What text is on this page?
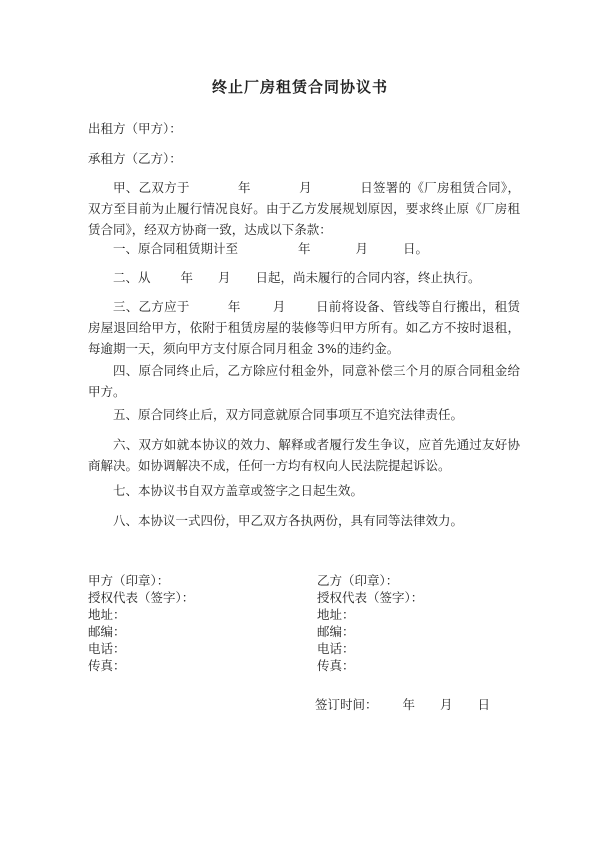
终止厂房租赁合同协议书
出租方（甲方）：
承租方（乙方）：
甲、乙双方于	年	月	日签署的《厂房租赁合同》，双方至目前为止履行情况良好。由于乙方发展规划原因，要求终止原《厂房租赁合同》，经双方协商一致，达成以下条款：
一、原合同租赁期计至	年	月	日。
二、从 年 月 日起，尚未履行的合同内容，终止执行。
三、乙方应于	年	月 日前将设备、管线等自行搬出，租赁房屋退回给甲方，依附于租赁房屋的装修等归甲方所有。如乙方不按时退租，每逾期一天，须向甲方支付原合同月租金 3%的违约金。
四、原合同终止后，乙方除应付租金外，同意补偿三个月的原合同租金给甲方。
五、原合同终止后，双方同意就原合同事项互不追究法律责任。
六、双方如就本协议的效力、解释或者履行发生争议，应首先通过友好协商解决。如协调解决不成，任何一方均有权向人民法院提起诉讼。
七、本协议书自双方盖章或签字之日起生效。
八、本协议一式四份，甲乙双方各执两份，具有同等法律效力。
甲方（印章）：
授权代表（签字）：
地址：
邮编：
电话：
传真：
乙方（印章）：
授权代表（签字）：
地址：
邮编：
电话：
传真：
签订时间： 年 月 日
